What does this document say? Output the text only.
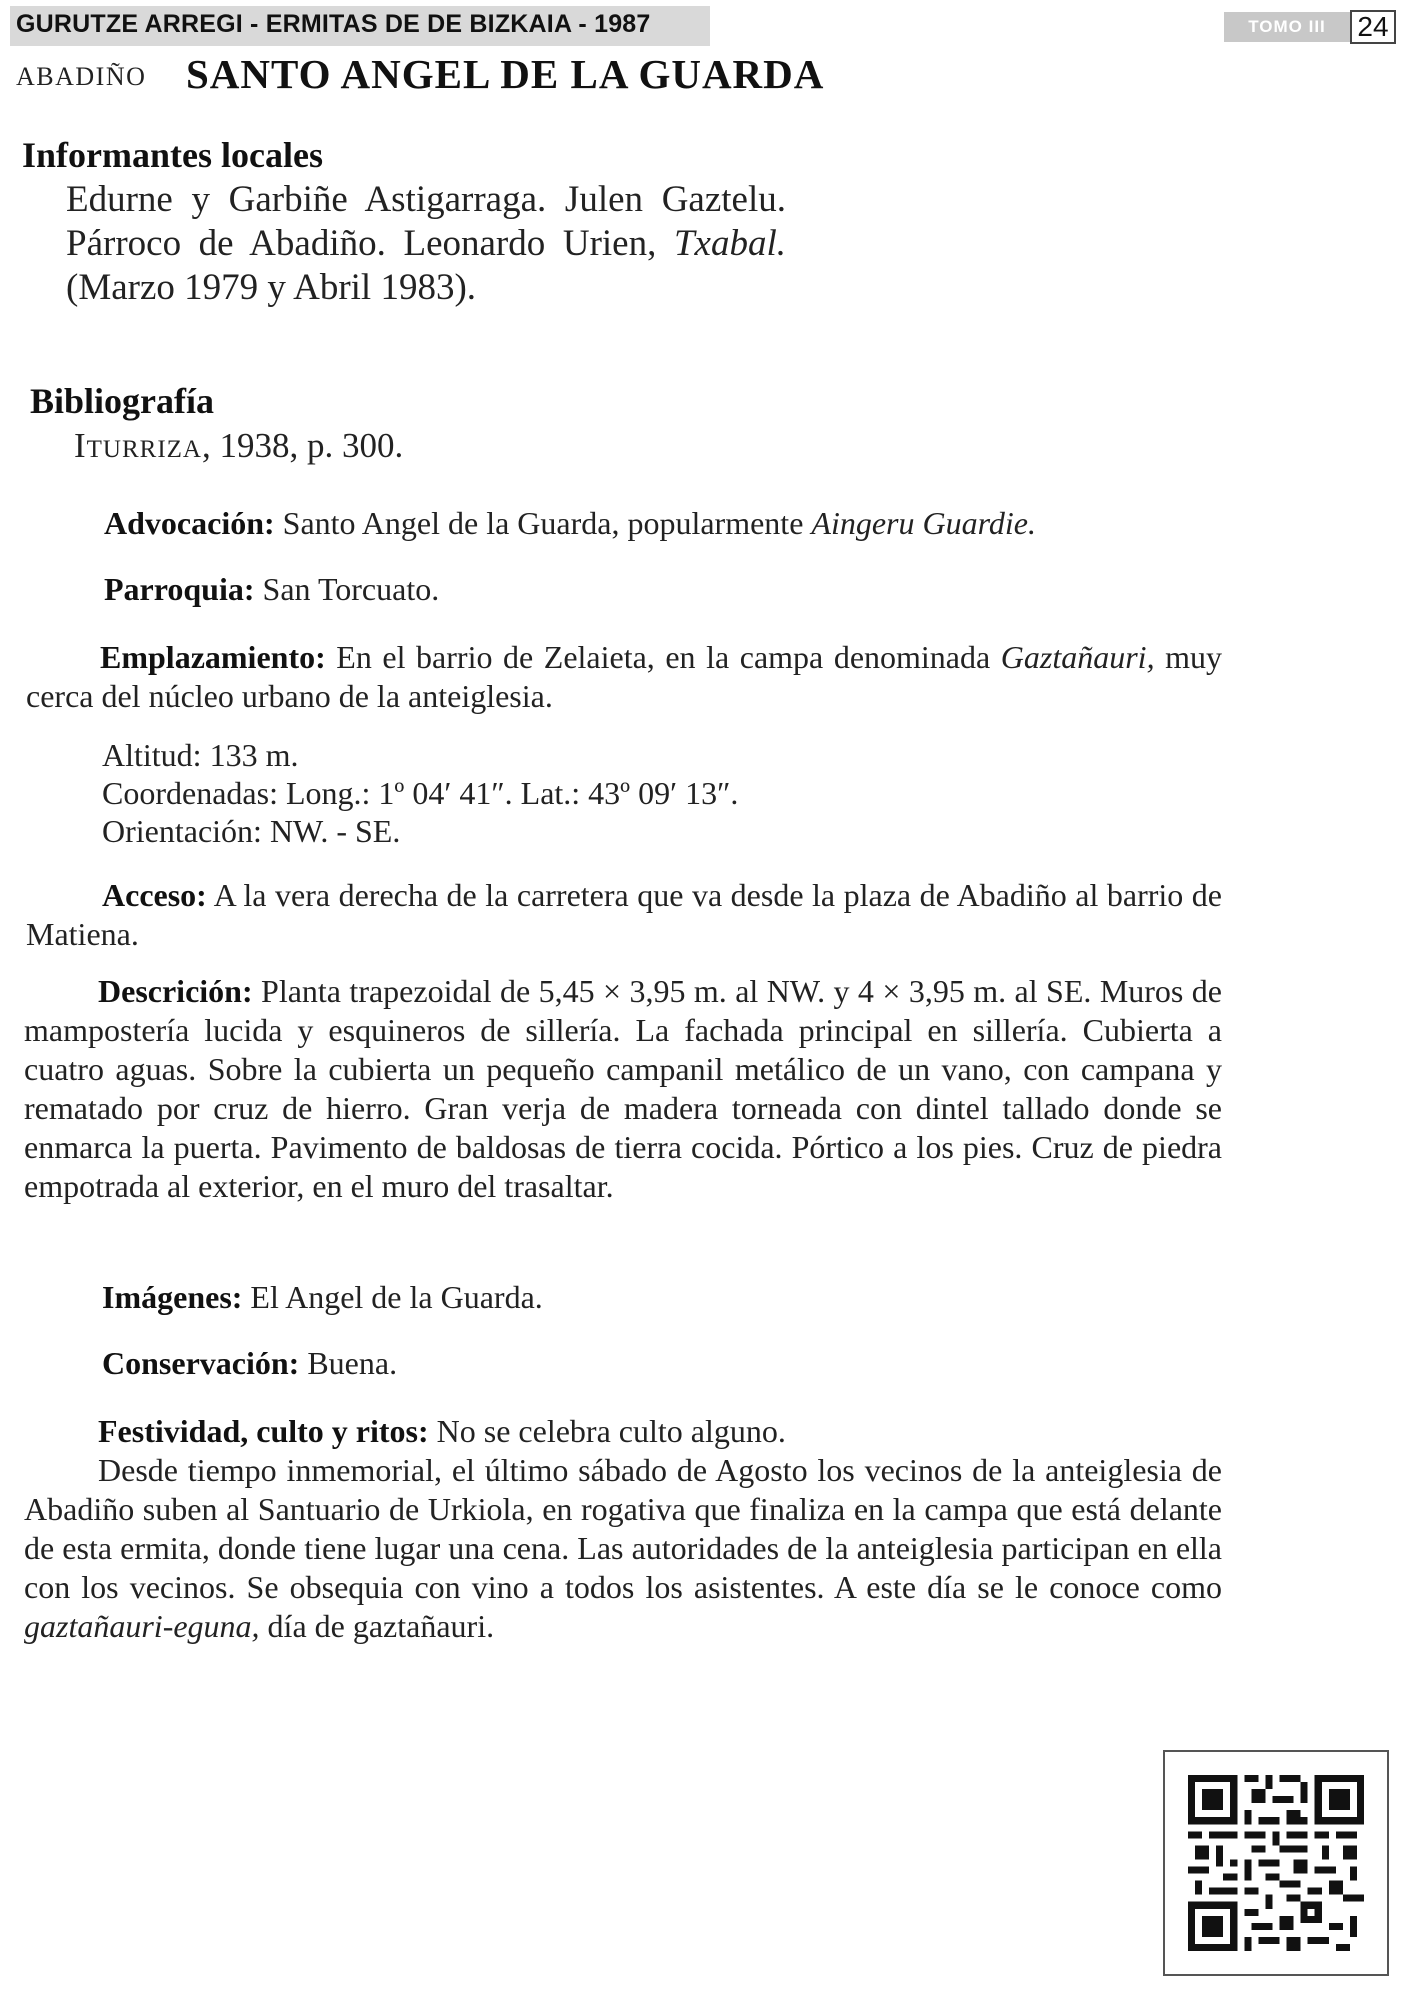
GURUTZE ARREGI - ERMITAS DE DE BIZKAIA - 1987	TOMO III	24
ABADIÑO SANTO ANGEL DE LA GUARDA
Informantes locales
Edurne y Garbiñe Astigarraga. Julen Gaztelu. Párroco de Abadiño. Leonardo Urien, Txabal. (Marzo 1979 y Abril 1983).
Bibliografía
Iturriza, 1938, p. 300.
Advocación: Santo Angel de la Guarda, popularmente Aingeru Guardie.
Parroquia: San Torcuato.
Emplazamiento: En el barrio de Zelaieta, en la campa denominada Gaztañauri, muy cerca del núcleo urbano de la anteiglesia.
Altitud: 133 m.
Coordenadas: Long.: 1º 04′ 41″. Lat.: 43º 09′ 13″.
Orientación: NW. - SE.
Acceso: A la vera derecha de la carretera que va desde la plaza de Abadiño al barrio de Matiena.
Descrición: Planta trapezoidal de 5,45 × 3,95 m. al NW. y 4 × 3,95 m. al SE. Muros de mampostería lucida y esquineros de sillería. La fachada principal en sillería. Cubierta a cuatro aguas. Sobre la cubierta un pequeño campanil metálico de un vano, con campana y rematado por cruz de hierro. Gran verja de madera torneada con dintel tallado donde se enmarca la puerta. Pavimento de baldosas de tierra cocida. Pórtico a los pies. Cruz de piedra empotrada al exterior, en el muro del trasaltar.
Imágenes: El Angel de la Guarda.
Conservación: Buena.
Festividad, culto y ritos: No se celebra culto alguno.
Desde tiempo inmemorial, el último sábado de Agosto los vecinos de la anteiglesia de Abadiño suben al Santuario de Urkiola, en rogativa que finaliza en la campa que está delante de esta ermita, donde tiene lugar una cena. Las autoridades de la anteiglesia participan en ella con los vecinos. Se obsequia con vino a todos los asistentes. A este día se le conoce como gaztañauri-eguna, día de gaztañauri.
